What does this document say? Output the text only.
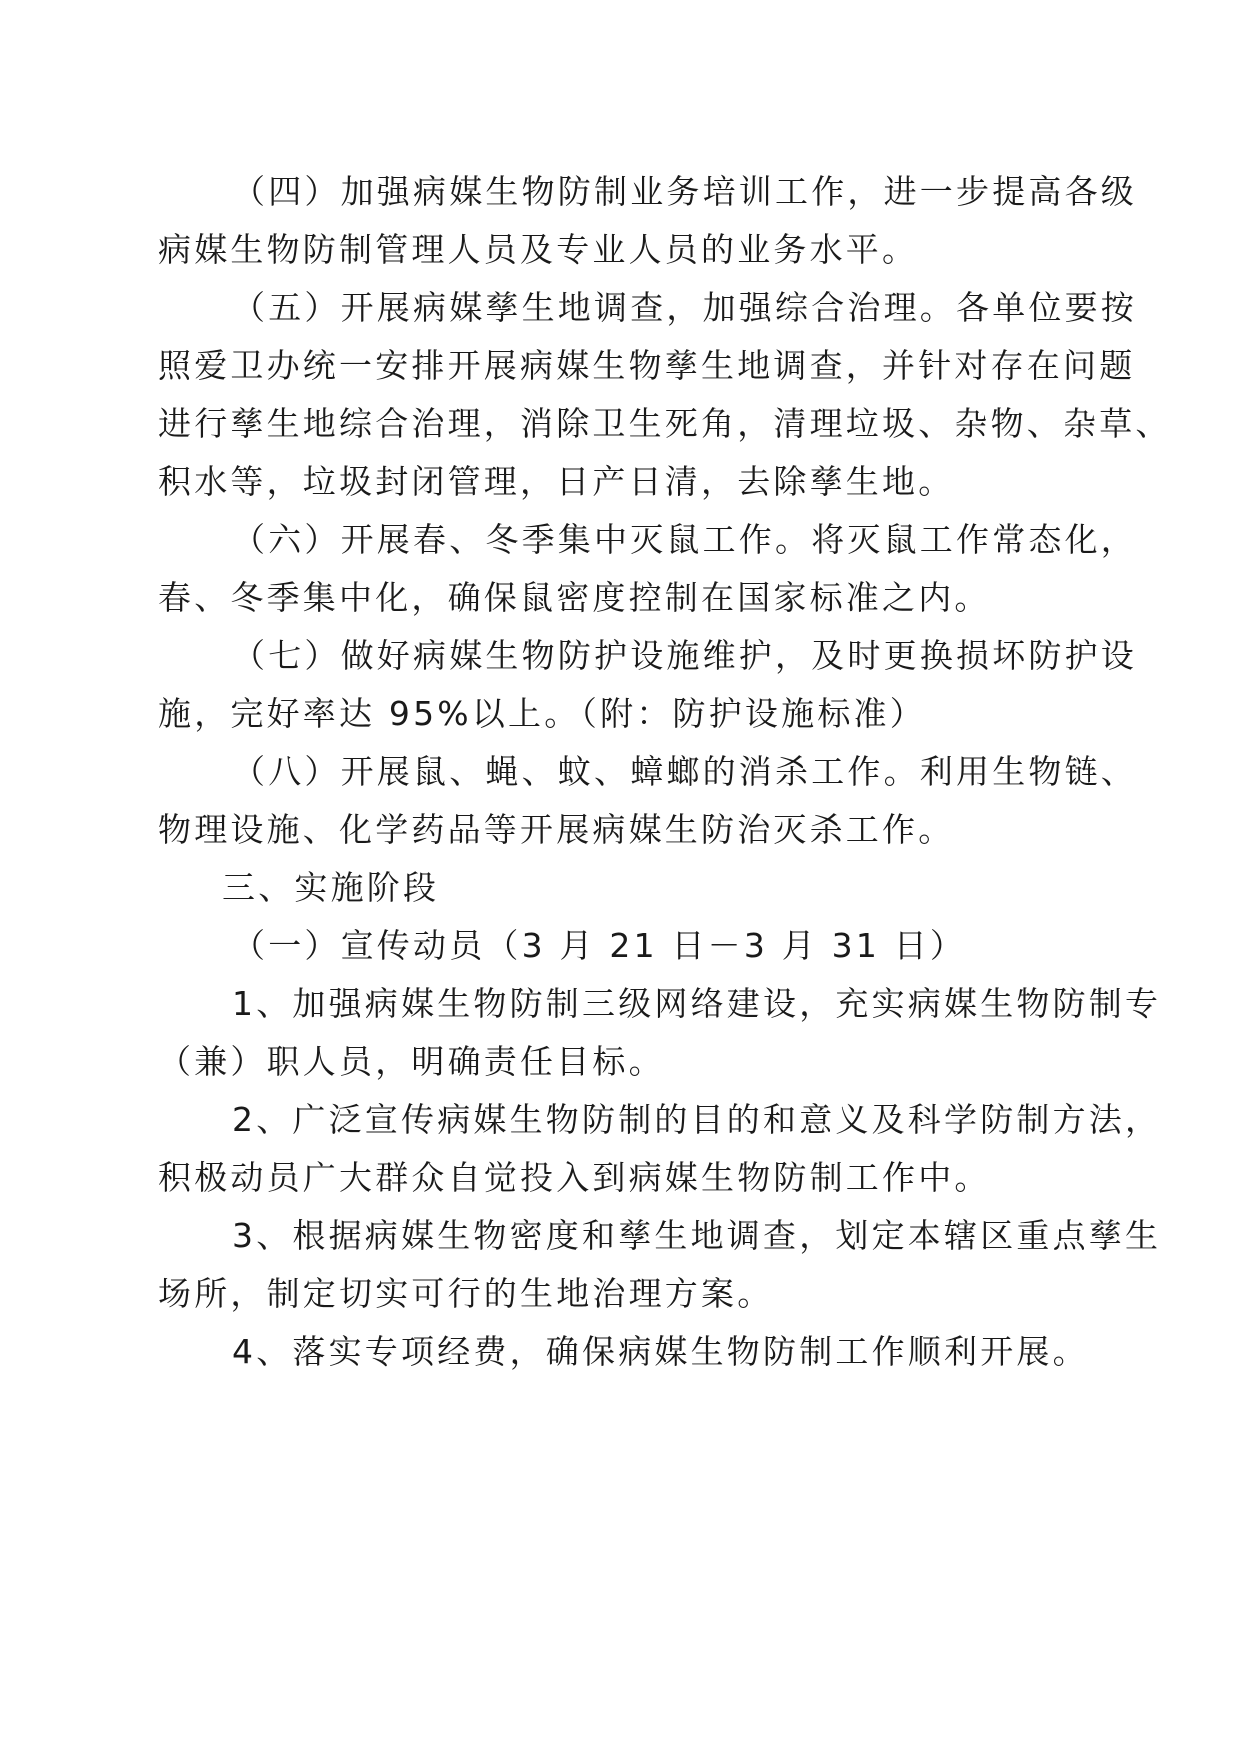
（四）加强病媒生物防制业务培训工作，进一步提高各级
病媒生物防制管理人员及专业人员的业务水平。
（五）开展病媒孳生地调查，加强综合治理。各单位要按
照爱卫办统一安排开展病媒生物孳生地调查，并针对存在问题
进行孳生地综合治理，消除卫生死角，清理垃圾、杂物、杂草、
积水等，垃圾封闭管理，日产日清，去除孳生地。
（六）开展春、冬季集中灭鼠工作。将灭鼠工作常态化，
春、冬季集中化，确保鼠密度控制在国家标准之内。
（七）做好病媒生物防护设施维护，及时更换损坏防护设
施，完好率达 95%以上。（附：防护设施标准）
（八）开展鼠、蝇、蚊、蟑螂的消杀工作。利用生物链、
物理设施、化学药品等开展病媒生防治灭杀工作。
三、实施阶段
（一）宣传动员（3 月 21 日－3 月 31 日）
1、加强病媒生物防制三级网络建设，充实病媒生物防制专
（兼）职人员，明确责任目标。
2、广泛宣传病媒生物防制的目的和意义及科学防制方法，
积极动员广大群众自觉投入到病媒生物防制工作中。
3、根据病媒生物密度和孳生地调查，划定本辖区重点孳生
场所，制定切实可行的生地治理方案。
4、落实专项经费，确保病媒生物防制工作顺利开展。
